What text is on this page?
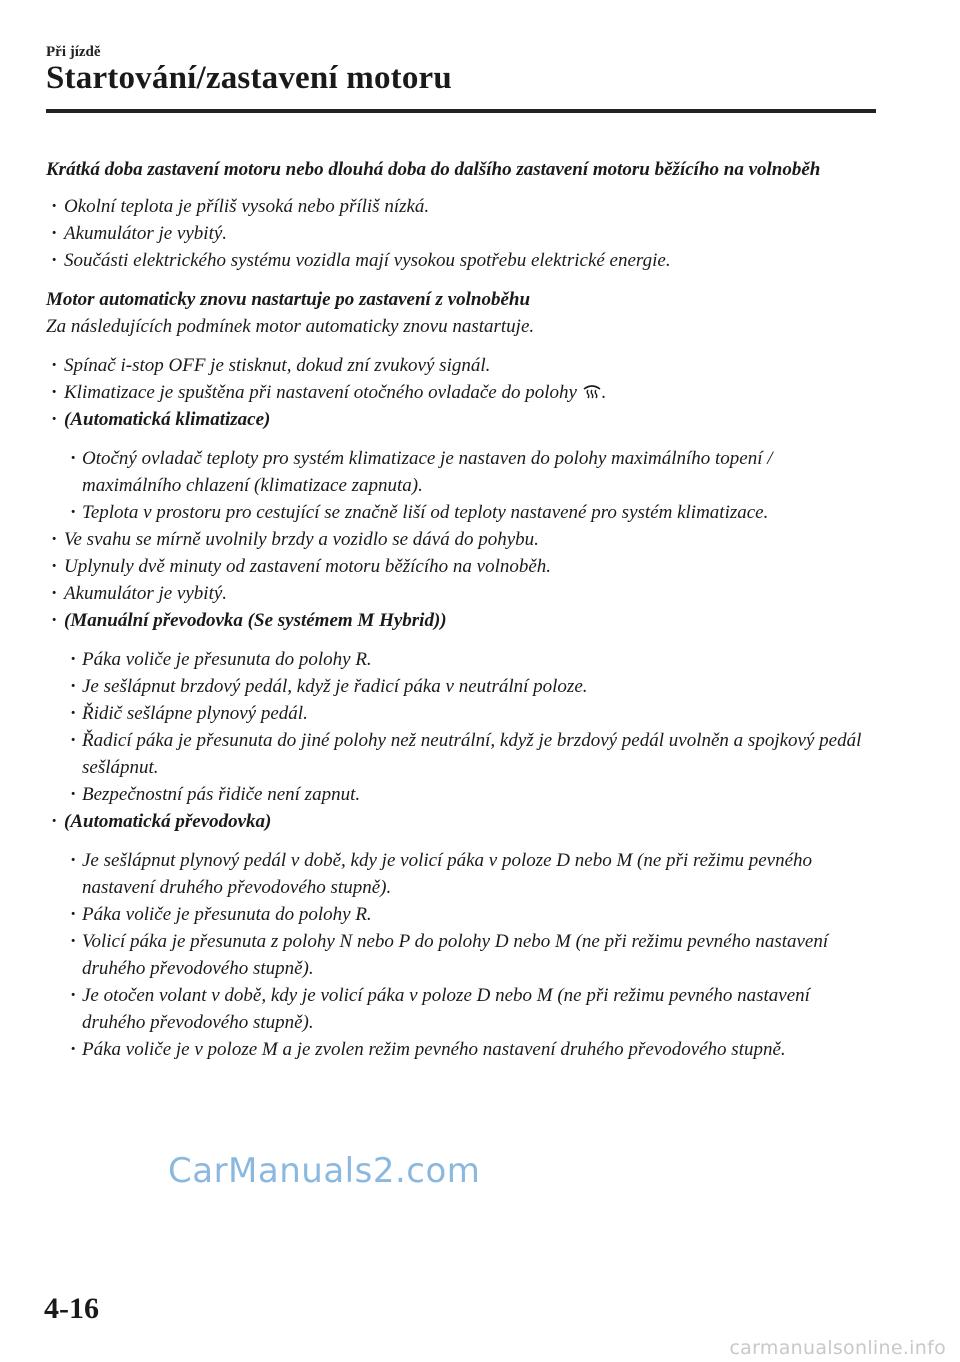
Při jízdě
Startování/zastavení motoru

Krátká doba zastavení motoru nebo dlouhá doba do dalšího zastavení motoru běžícího na volnoběh

· Okolní teplota je příliš vysoká nebo příliš nízká.
· Akumulátor je vybitý.
· Součásti elektrického systému vozidla mají vysokou spotřebu elektrické energie.

Motor automaticky znovu nastartuje po zastavení z volnoběhu

Za následujících podmínek motor automaticky znovu nastartuje.

· Spínač i-stop OFF je stisknut, dokud zní zvukový signál.
· Klimatizace je spuštěna při nastavení otočného ovladače do polohy .
· (Automatická klimatizace)
· Otočný ovladač teploty pro systém klimatizace je nastaven do polohy maximálního topení / maximálního chlazení (klimatizace zapnuta).
· Teplota v prostoru pro cestující se značně liší od teploty nastavené pro systém klimatizace.
· Ve svahu se mírně uvolnily brzdy a vozidlo se dává do pohybu.
· Uplynuly dvě minuty od zastavení motoru běžícího na volnoběh.
· Akumulátor je vybitý.
· (Manuální převodovka (Se systémem M Hybrid))
· Páka voliče je přesunuta do polohy R.
· Je sešlápnut brzdový pedál, když je řadicí páka v neutrální poloze.
· Řidič sešlápne plynový pedál.
· Řadicí páka je přesunuta do jiné polohy než neutrální, když je brzdový pedál uvolněn a spojkový pedál sešlápnut.
· Bezpečnostní pás řidiče není zapnut.
· (Automatická převodovka)
· Je sešlápnut plynový pedál v době, kdy je volicí páka v poloze D nebo M (ne při režimu pevného nastavení druhého převodového stupně).
· Páka voliče je přesunuta do polohy R.
· Volicí páka je přesunuta z polohy N nebo P do polohy D nebo M (ne při režimu pevného nastavení druhého převodového stupně).
· Je otočen volant v době, kdy je volicí páka v poloze D nebo M (ne při režimu pevného nastavení druhého převodového stupně).
· Páka voliče je v poloze M a je zvolen režim pevného nastavení druhého převodového stupně.
CarManuals2.com
4-16
carmanualsonline.info
